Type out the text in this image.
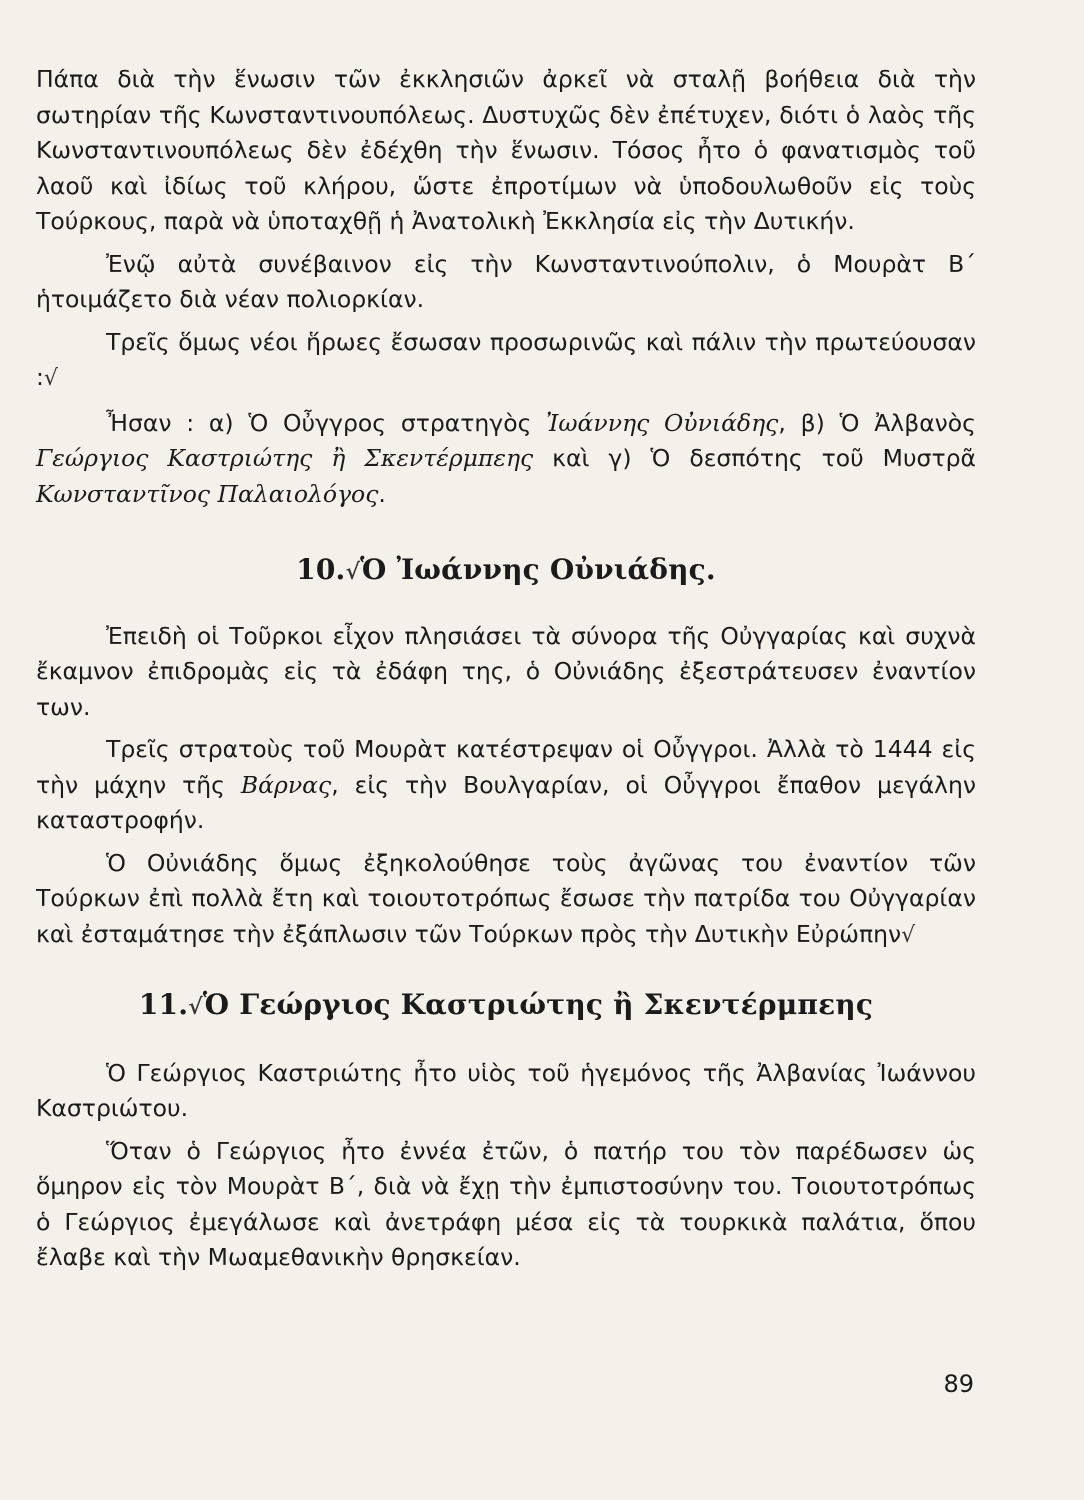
Πάπα διὰ τὴν ἕνωσιν τῶν ἐκκλησιῶν ἀρκεῖ νὰ σταλῇ βοήθεια διὰ τὴν σωτηρίαν τῆς Κωνσταντινουπόλεως. Δυστυχῶς δὲν ἐπέτυχεν, διότι ὁ λαὸς τῆς Κωνσταντινουπόλεως δὲν ἐδέχθη τὴν ἕνωσιν. Τόσος ἦτο ὁ φανατισμὸς τοῦ λαοῦ καὶ ἰδίως τοῦ κλήρου, ὥστε ἐπροτίμων νὰ ὑποδουλωθοῦν εἰς τοὺς Τούρκους, παρὰ νὰ ὑποταχθῇ ἡ Ἀνατολικὴ Ἐκκλησία εἰς τὴν Δυτικήν.

Ἐνῷ αὐτὰ συνέβαινον εἰς τὴν Κωνσταντινούπολιν, ὁ Μουρὰτ Β΄ ἡτοιμάζετο διὰ νέαν πολιορκίαν.

Τρεῖς ὅμως νέοι ἥρωες ἔσωσαν προσωρινῶς καὶ πάλιν τὴν πρωτεύουσαν :√

Ἦσαν : α) Ὁ Οὖγγρος στρατηγὸς Ἰωάννης Οὐνιάδης, β) Ὁ Ἀλβανὸς Γεώργιος Καστριώτης ἢ Σκεντέρμπεης καὶ γ) Ὁ δεσπότης τοῦ Μυστρᾶ Κωνσταντῖνος Παλαιολόγος.

10.√Ὁ Ἰωάννης Οὐνιάδης.

Ἐπειδὴ οἱ Τοῦρκοι εἶχον πλησιάσει τὰ σύνορα τῆς Οὐγγαρίας καὶ συχνὰ ἔκαμνον ἐπιδρομὰς εἰς τὰ ἐδάφη της, ὁ Οὐνιάδης ἐξεστράτευσεν ἐναντίον των.

Τρεῖς στρατοὺς τοῦ Μουρὰτ κατέστρεψαν οἱ Οὖγγροι. Ἀλλὰ τὸ 1444 εἰς τὴν μάχην τῆς Βάρνας, εἰς τὴν Βουλγαρίαν, οἱ Οὖγγροι ἔπαθον μεγάλην καταστροφήν.

Ὁ Οὐνιάδης ὅμως ἐξηκολούθησε τοὺς ἀγῶνας του ἐναντίον τῶν Τούρκων ἐπὶ πολλὰ ἔτη καὶ τοιουτοτρόπως ἔσωσε τὴν πατρίδα του Οὐγγαρίαν καὶ ἐσταμάτησε τὴν ἐξάπλωσιν τῶν Τούρκων πρὸς τὴν Δυτικὴν Εὐρώπην√

11.√Ὁ Γεώργιος Καστριώτης ἢ Σκεντέρμπεης

Ὁ Γεώργιος Καστριώτης ἦτο υἱὸς τοῦ ἡγεμόνος τῆς Ἀλβανίας Ἰωάννου Καστριώτου.

Ὅταν ὁ Γεώργιος ἦτο ἐννέα ἐτῶν, ὁ πατήρ του τὸν παρέδωσεν ὡς ὅμηρον εἰς τὸν Μουρὰτ Β΄, διὰ νὰ ἔχῃ τὴν ἐμπιστοσύνην του. Τοιουτοτρόπως ὁ Γεώργιος ἐμεγάλωσε καὶ ἀνετράφη μέσα εἰς τὰ τουρκικὰ παλάτια, ὅπου ἔλαβε καὶ τὴν Μωαμεθανικὴν θρησκείαν.

89
